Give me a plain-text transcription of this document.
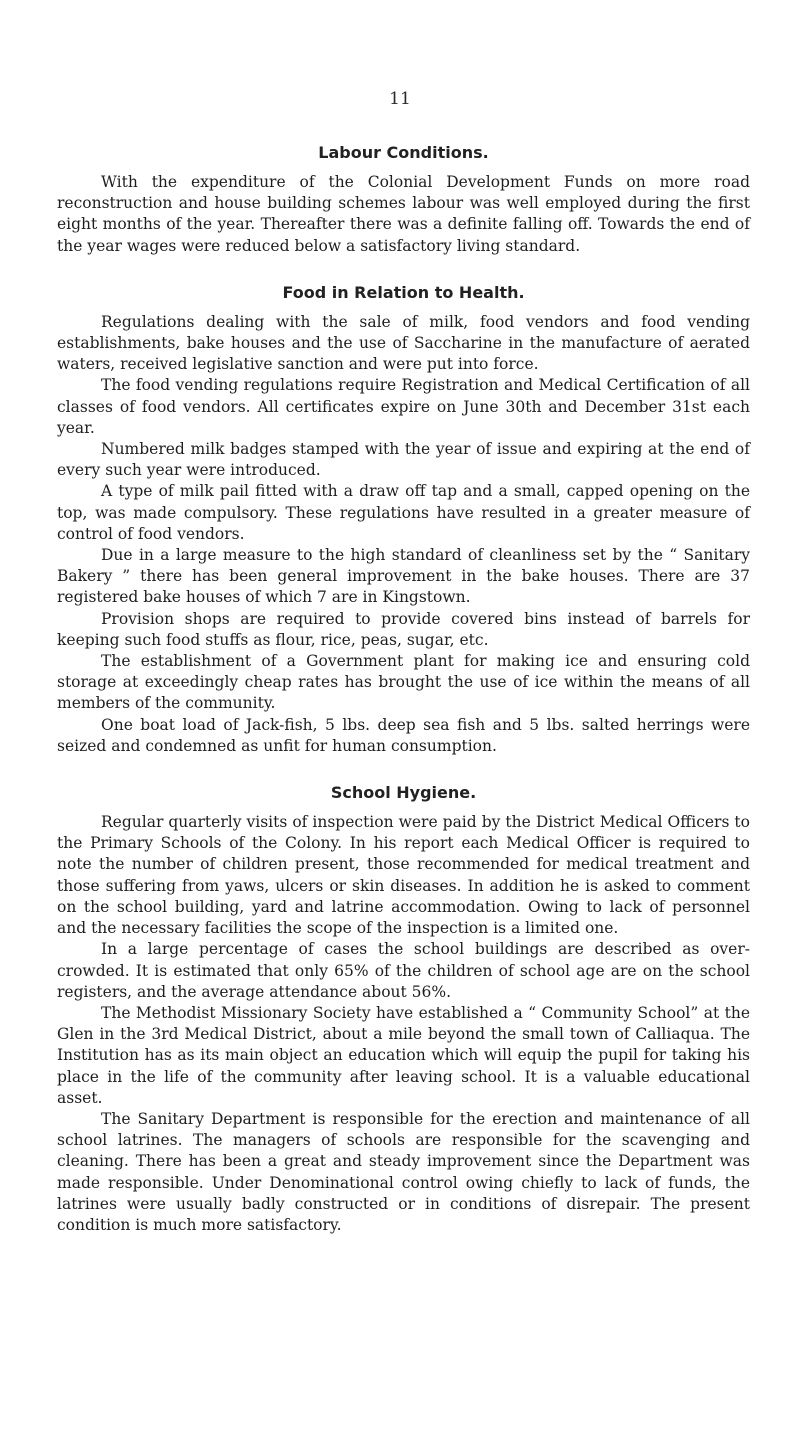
11
Labour Conditions.

With the expenditure of the Colonial Development Funds on more road reconstruction and house building schemes labour was well employed during the first eight months of the year. Thereafter there was a definite falling off. Towards the end of the year wages were reduced below a satisfactory living standard.

Food in Relation to Health.

Regulations dealing with the sale of milk, food vendors and food vending establishments, bake houses and the use of Saccharine in the manufacture of aerated waters, received legislative sanction and were put into force.

The food vending regulations require Registration and Medical Certification of all classes of food vendors. All certificates expire on June 30th and December 31st each year.

Numbered milk badges stamped with the year of issue and expiring at the end of every such year were introduced.

A type of milk pail fitted with a draw off tap and a small, capped opening on the top, was made compulsory. These regulations have resulted in a greater measure of control of food vendors.

Due in a large measure to the high standard of cleanliness set by the “ Sanitary Bakery ” there has been general improvement in the bake houses. There are 37 registered bake houses of which 7 are in Kingstown.

Provision shops are required to provide covered bins instead of barrels for keeping such food stuffs as flour, rice, peas, sugar, etc.

The establishment of a Government plant for making ice and ensuring cold storage at exceedingly cheap rates has brought the use of ice within the means of all members of the community.

One boat load of Jack-fish, 5 lbs. deep sea fish and 5 lbs. salted herrings were seized and condemned as unfit for human consumption.

School Hygiene.

Regular quarterly visits of inspection were paid by the District Medical Officers to the Primary Schools of the Colony. In his report each Medical Officer is required to note the number of children present, those recommended for medical treatment and those suffering from yaws, ulcers or skin diseases. In addition he is asked to comment on the school building, yard and latrine accommodation. Owing to lack of personnel and the necessary facilities the scope of the inspection is a limited one.

In a large percentage of cases the school buildings are described as over-crowded. It is estimated that only 65% of the children of school age are on the school registers, and the average attendance about 56%.

The Methodist Missionary Society have established a “ Community School” at the Glen in the 3rd Medical District, about a mile beyond the small town of Calliaqua. The Institution has as its main object an education which will equip the pupil for taking his place in the life of the community after leaving school. It is a valuable educational asset.

The Sanitary Department is responsible for the erection and maintenance of all school latrines. The managers of schools are responsible for the scavenging and cleaning. There has been a great and steady improvement since the Department was made responsible. Under Denominational control owing chiefly to lack of funds, the latrines were usually badly constructed or in conditions of disrepair. The present condition is much more satisfactory.
